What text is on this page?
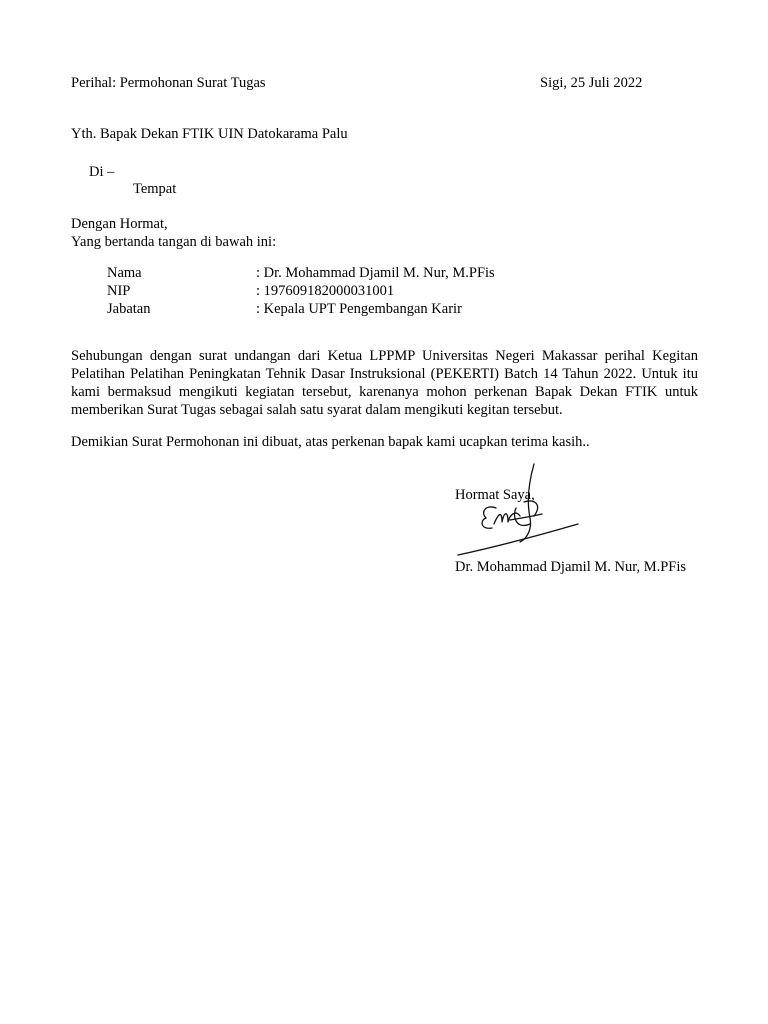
Perihal: Permohonan Surat Tugas	Sigi, 25 Juli 2022
Yth. Bapak Dekan FTIK UIN Datokarama Palu
Di –
Tempat
Dengan Hormat,
Yang bertanda tangan di bawah ini:
Nama	: Dr. Mohammad Djamil M. Nur, M.PFis
NIP	: 197609182000031001
Jabatan	: Kepala UPT Pengembangan Karir
Sehubungan dengan surat undangan dari Ketua LPPMP Universitas Negeri Makassar perihal Kegitan Pelatihan Pelatihan Peningkatan Tehnik Dasar Instruksional (PEKERTI) Batch 14 Tahun 2022. Untuk itu kami bermaksud mengikuti kegiatan tersebut, karenanya mohon perkenan Bapak Dekan FTIK untuk memberikan Surat Tugas sebagai salah satu syarat dalam mengikuti kegitan tersebut.
Demikian Surat Permohonan ini dibuat, atas perkenan bapak kami ucapkan terima kasih..
Hormat Saya,
Dr. Mohammad Djamil M. Nur, M.PFis
